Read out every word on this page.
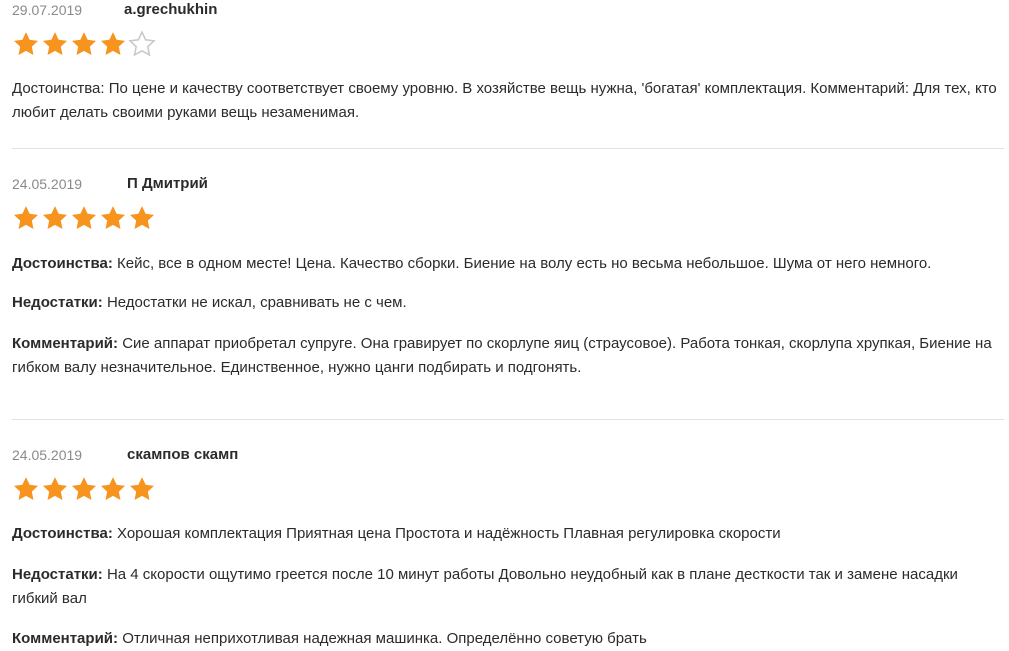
29.07.2019	a.grechukhin

Достоинства: По цене и качеству соответствует своему уровню. В хозяйстве вещь нужна, 'богатая' комплектация. Комментарий: Для тех, кто любит делать своими руками вещь незаменимая.

24.05.2019	П Дмитрий

Достоинства: Кейс, все в одном месте! Цена. Качество сборки. Биение на волу есть но весьма небольшое. Шума от него немного.

Недостатки: Недостатки не искал, сравнивать не с чем.

Комментарий: Сие аппарат приобретал супруге. Она гравирует по скорлупе яиц (страусовое). Работа тонкая, скорлупа хрупкая, Биение на гибком валу незначительное. Единственное, нужно цанги подбирать и подгонять.

24.05.2019	скампов скамп

Достоинства: Хорошая комплектация Приятная цена Простота и надёжность Плавная регулировка скорости

Недостатки: На 4 скорости ощутимо греется после 10 минут работы Довольно неудобный как в плане десткости так и замене насадки гибкий вал

Комментарий: Отличная неприхотливая надежная машинка. Определённо советую брать
